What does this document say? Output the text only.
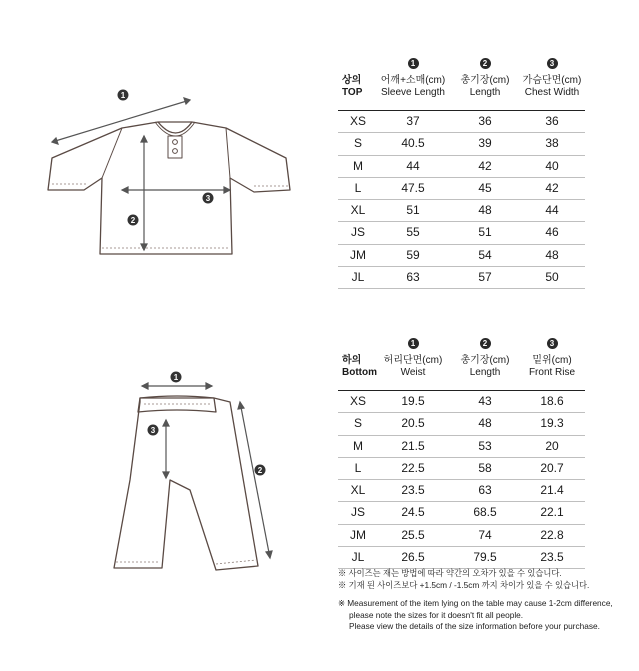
1
2
3
1
2
3
상의
TOP
1
어깨+소매(cm)
Sleeve Length
2
총기장(cm)
Length
3
가슴단면(cm)
Chest Width
XS	37	36	36
S	40.5	39	38
M	44	42	40
L	47.5	45	42
XL	51	48	44
JS	55	51	46
JM	59	54	48
JL	63	57	50
하의
Bottom
1
허리단면(cm)
Weist
2
총기장(cm)
Length
3
밑위(cm)
Front Rise
XS	19.5	43	18.6
S	20.5	48	19.3
M	21.5	53	20
L	22.5	58	20.7
XL	23.5	63	21.4
JS	24.5	68.5	22.1
JM	25.5	74	22.8
JL	26.5	79.5	23.5
※ 사이즈는 재는 방법에 따라 약간의 오차가 있을 수 있습니다.
※ 기재 된 사이즈보다 +1.5cm / -1.5cm 까지 차이가 있을 수 있습니다.
※ Measurement of the item lying on the table may cause 1-2cm difference,
please note the sizes for it doesn't fit all people.
Please view the details of the size information before your purchase.
